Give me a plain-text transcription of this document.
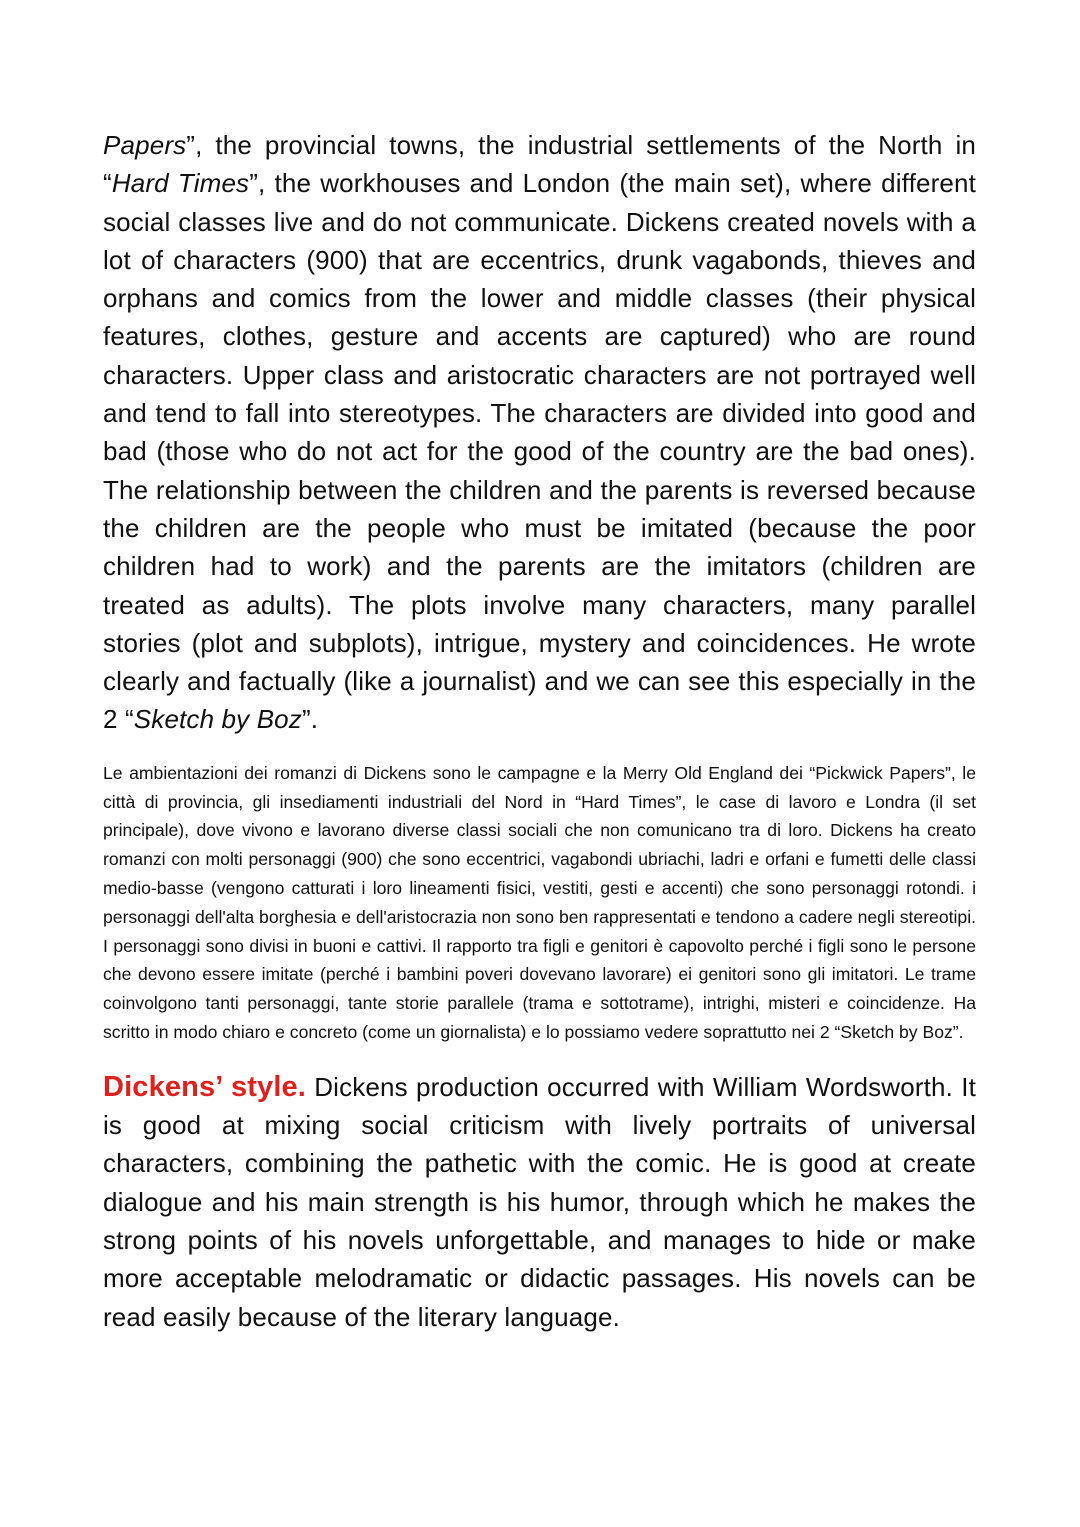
Papers”, the provincial towns, the industrial settlements of the North in “Hard Times”, the workhouses and London (the main set), where different social classes live and do not communicate. Dickens created novels with a lot of characters (900) that are eccentrics, drunk vagabonds, thieves and orphans and comics from the lower and middle classes (their physical features, clothes, gesture and accents are captured) who are round characters. Upper class and aristocratic characters are not portrayed well and tend to fall into stereotypes. The characters are divided into good and bad (those who do not act for the good of the country are the bad ones). The relationship between the children and the parents is reversed because the children are the people who must be imitated (because the poor children had to work) and the parents are the imitators (children are treated as adults). The plots involve many characters, many parallel stories (plot and subplots), intrigue, mystery and coincidences. He wrote clearly and factually (like a journalist) and we can see this especially in the 2 “Sketch by Boz”.

Le ambientazioni dei romanzi di Dickens sono le campagne e la Merry Old England dei “Pickwick Papers”, le città di provincia, gli insediamenti industriali del Nord in “Hard Times”, le case di lavoro e Londra (il set principale), dove vivono e lavorano diverse classi sociali che non comunicano tra di loro. Dickens ha creato romanzi con molti personaggi (900) che sono eccentrici, vagabondi ubriachi, ladri e orfani e fumetti delle classi medio-basse (vengono catturati i loro lineamenti fisici, vestiti, gesti e accenti) che sono personaggi rotondi. i personaggi dell'alta borghesia e dell'aristocrazia non sono ben rappresentati e tendono a cadere negli stereotipi. I personaggi sono divisi in buoni e cattivi. Il rapporto tra figli e genitori è capovolto perché i figli sono le persone che devono essere imitate (perché i bambini poveri dovevano lavorare) ei genitori sono gli imitatori. Le trame coinvolgono tanti personaggi, tante storie parallele (trama e sottotrame), intrighi, misteri e coincidenze. Ha scritto in modo chiaro e concreto (come un giornalista) e lo possiamo vedere soprattutto nei 2 “Sketch by Boz”.

Dickens’ style. Dickens production occurred with William Wordsworth. It is good at mixing social criticism with lively portraits of universal characters, combining the pathetic with the comic. He is good at create dialogue and his main strength is his humor, through which he makes the strong points of his novels unforgettable, and manages to hide or make more acceptable melodramatic or didactic passages. His novels can be read easily because of the literary language.
